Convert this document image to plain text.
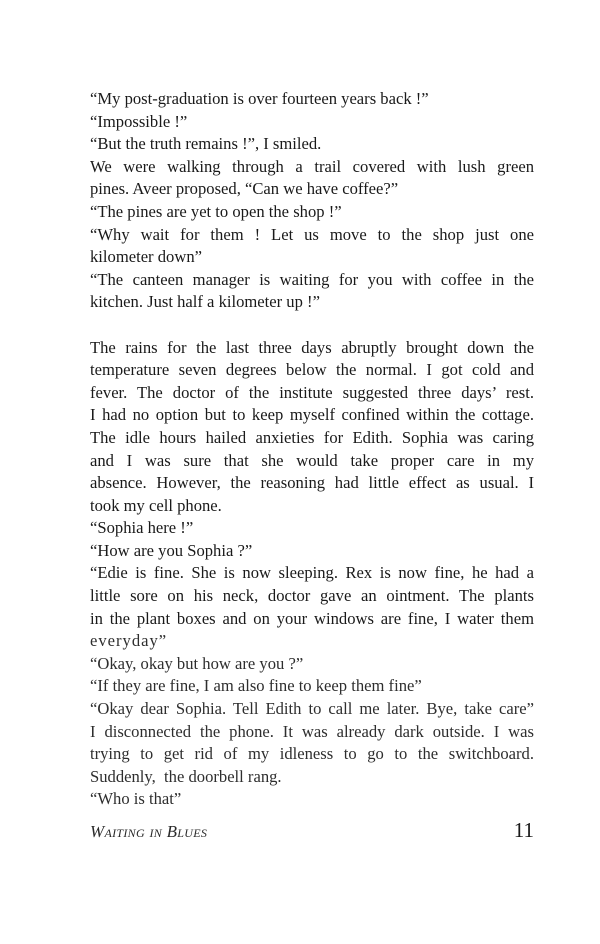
“My post-graduation is over fourteen years back !”
“Impossible !”
“But the truth remains !”, I smiled.
We were walking through a trail covered with lush green
pines. Aveer proposed, “Can we have coffee?”
“The pines are yet to open the shop !”
“Why wait for them ! Let us move to the shop just one
kilometer down”
“The canteen manager is waiting for you with coffee in the
kitchen. Just half a kilometer up !”
The rains for the last three days abruptly brought down the
temperature seven degrees below the normal. I got cold and
fever. The doctor of the institute suggested three days’ rest.
I had no option but to keep myself confined within the cottage.
The idle hours hailed anxieties for Edith. Sophia was caring
and I was sure that she would take proper care in my
absence. However, the reasoning had little effect as usual. I
took my cell phone.
“Sophia here !”
“How are you Sophia ?”
“Edie is fine. She is now sleeping. Rex is now fine, he had a
little sore on his neck, doctor gave an ointment. The plants
in the plant boxes and on your windows are fine, I water them
everyday”
“Okay, okay but how are you ?”
“If they are fine, I am also fine to keep them fine”
“Okay dear Sophia. Tell Edith to call me later. Bye, take care”
I disconnected the phone. It was already dark outside. I was
trying to get rid of my idleness to go to the switchboard.
Suddenly,  the doorbell rang.
“Who is that”
Waiting in Blues	11
